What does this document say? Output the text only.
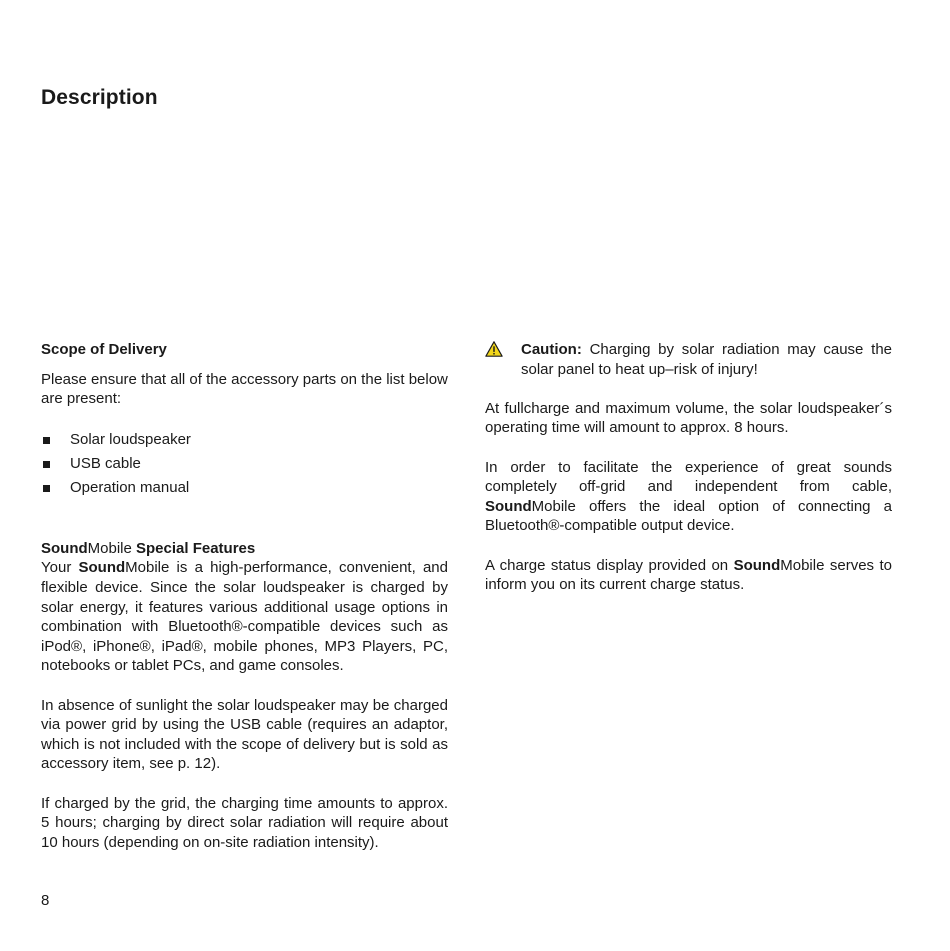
Description

Scope of Delivery

Please ensure that all of the accessory parts on the list below are present:

Solar loudspeaker
USB cable
Operation manual

SoundMobile Special Features

Your SoundMobile is a high-performance, convenient, and flexible device. Since the solar loudspeaker is charged by solar energy, it features various additional usage options in combination with Bluetooth®-compatible devices such as iPod®, iPhone®, iPad®, mobile phones, MP3 Players, PC, notebooks or tablet PCs, and game consoles.

In absence of sunlight the solar loudspeaker may be charged via power grid by using the USB cable (requires an adaptor, which is not included with the scope of delivery but is sold as accessory item, see p. 12).

If charged by the grid, the charging time amounts to approx. 5 hours; charging by direct solar radiation will require about 10 hours (depending on on-site radiation intensity).

Caution: Charging by solar radiation may cause the solar panel to heat up–risk of injury!

At fullcharge and maximum volume, the solar loudspeaker´s operating time will amount to approx. 8 hours.

In order to facilitate the experience of great sounds completely off-grid and independent from cable, SoundMobile offers the ideal option of connecting a Bluetooth®-compatible output device.

A charge status display provided on SoundMobile serves to inform you on its current charge status.

8
